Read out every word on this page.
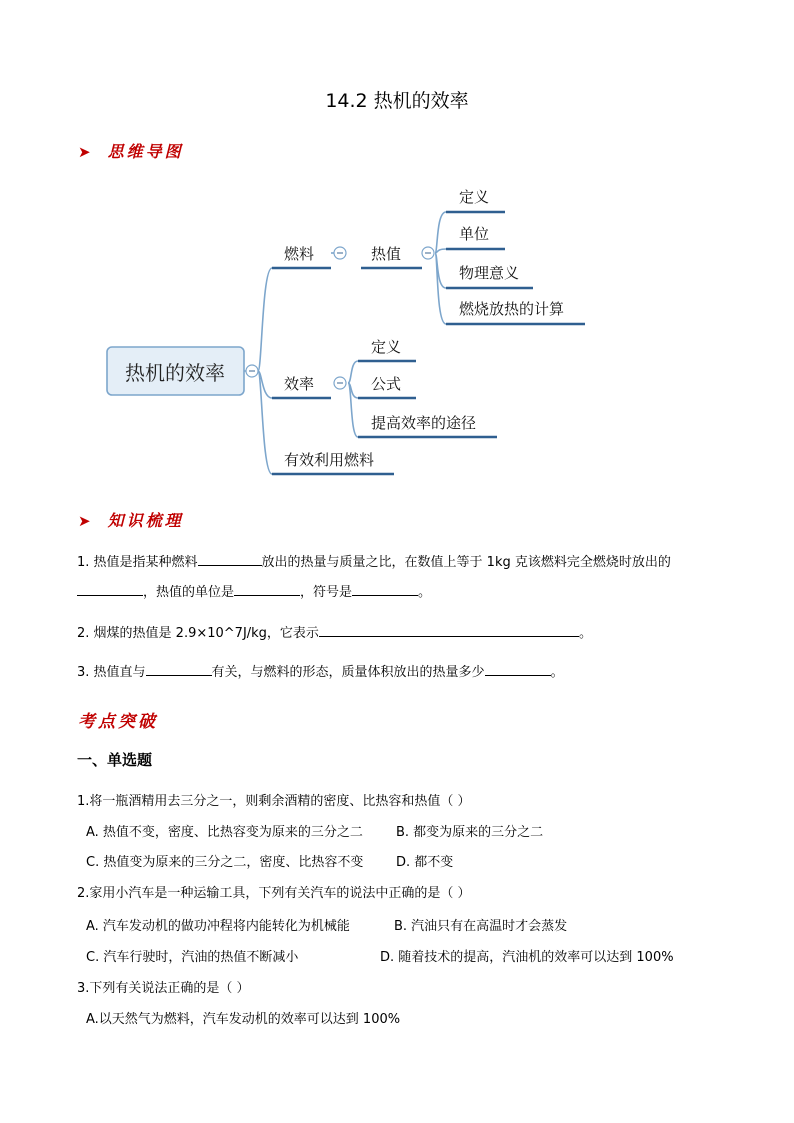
14.2 热机的效率
➤ 思维导图
热机的效率
燃料	热值
定义
单位
物理意义
燃烧放热的计算
效率
定义
公式
提高效率的途径
有效利用燃料
➤ 知识梳理
1. 热值是指某种燃料	放出的热量与质量之比，在数值上等于 1kg 克该燃料完全燃烧时放出的
，热值的单位是	，符号是	。
2. 烟煤的热值是 2.9×10^7J/kg，它表示	。
3. 热值直与	有关，与燃料的形态，质量体积放出的热量多少	。
考点突破
一、单选题
1.将一瓶酒精用去三分之一，则剩余酒精的密度、比热容和热值（ ）
A. 热值不变，密度、比热容变为原来的三分之二	B. 都变为原来的三分之二
C. 热值变为原来的三分之二，密度、比热容不变	D. 都不变
2.家用小汽车是一种运输工具，下列有关汽车的说法中正确的是（ ）
A. 汽车发动机的做功冲程将内能转化为机械能	B. 汽油只有在高温时才会蒸发
C. 汽车行驶时，汽油的热值不断减小	D. 随着技术的提高，汽油机的效率可以达到 100%
3.下列有关说法正确的是（ ）
A.以天然气为燃料，汽车发动机的效率可以达到 100%
